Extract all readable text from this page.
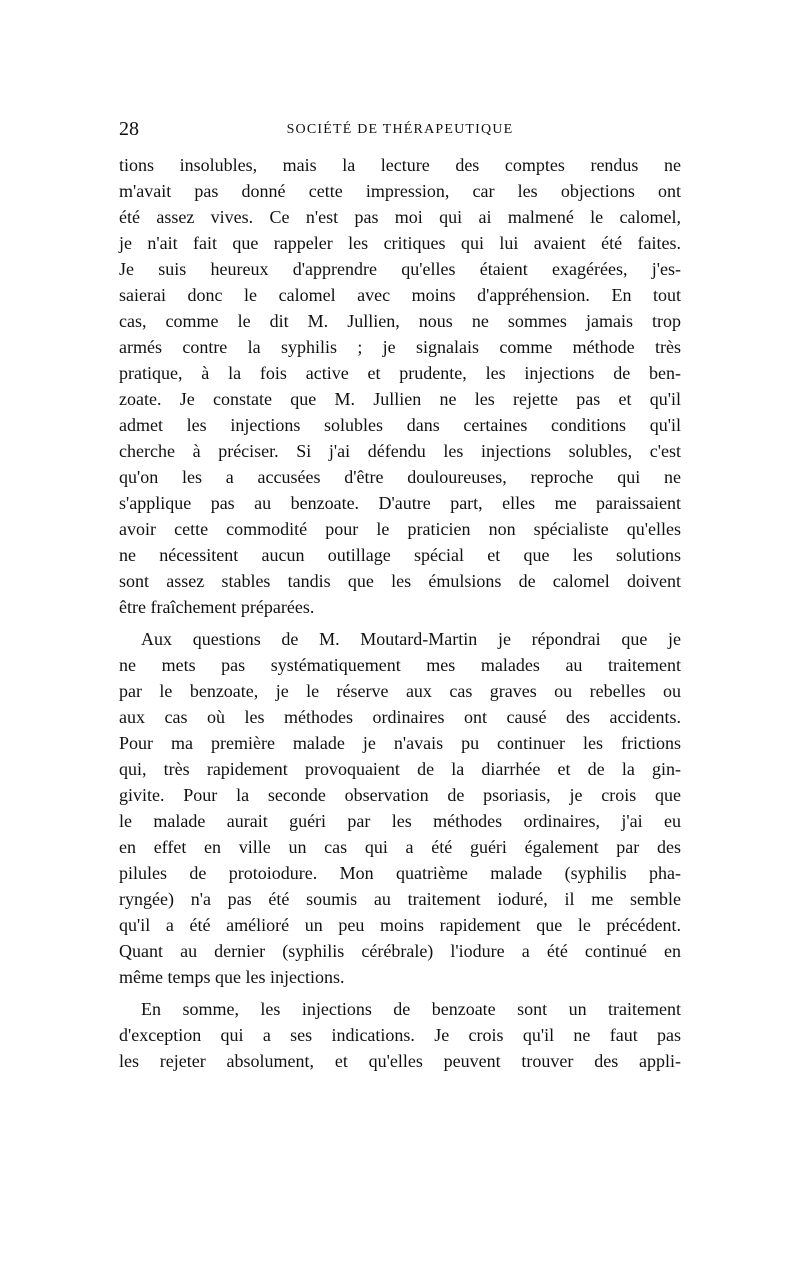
28	SOCIÉTÉ DE THÉRAPEUTIQUE

tions insolubles, mais la lecture des comptes rendus ne
m'avait pas donné cette impression, car les objections ont
été assez vives. Ce n'est pas moi qui ai malmené le calomel,
je n'ait fait que rappeler les critiques qui lui avaient été faites.
Je suis heureux d'apprendre qu'elles étaient exagérées, j'es-
saierai donc le calomel avec moins d'appréhension. En tout
cas, comme le dit M. Jullien, nous ne sommes jamais trop
armés contre la syphilis ; je signalais comme méthode très
pratique, à la fois active et prudente, les injections de ben-
zoate. Je constate que M. Jullien ne les rejette pas et qu'il
admet les injections solubles dans certaines conditions qu'il
cherche à préciser. Si j'ai défendu les injections solubles, c'est
qu'on les a accusées d'être douloureuses, reproche qui ne
s'applique pas au benzoate. D'autre part, elles me paraissaient
avoir cette commodité pour le praticien non spécialiste qu'elles
ne nécessitent aucun outillage spécial et que les solutions
sont assez stables tandis que les émulsions de calomel doivent
être fraîchement préparées.

Aux questions de M. Moutard-Martin je répondrai que je
ne mets pas systématiquement mes malades au traitement
par le benzoate, je le réserve aux cas graves ou rebelles ou
aux cas où les méthodes ordinaires ont causé des accidents.
Pour ma première malade je n'avais pu continuer les frictions
qui, très rapidement provoquaient de la diarrhée et de la gin-
givite. Pour la seconde observation de psoriasis, je crois que
le malade aurait guéri par les méthodes ordinaires, j'ai eu
en effet en ville un cas qui a été guéri également par des
pilules de protoiodure. Mon quatrième malade (syphilis pha-
ryngée) n'a pas été soumis au traitement ioduré, il me semble
qu'il a été amélioré un peu moins rapidement que le précédent.
Quant au dernier (syphilis cérébrale) l'iodure a été continué en
même temps que les injections.

En somme, les injections de benzoate sont un traitement
d'exception qui a ses indications. Je crois qu'il ne faut pas
les rejeter absolument, et qu'elles peuvent trouver des appli-
